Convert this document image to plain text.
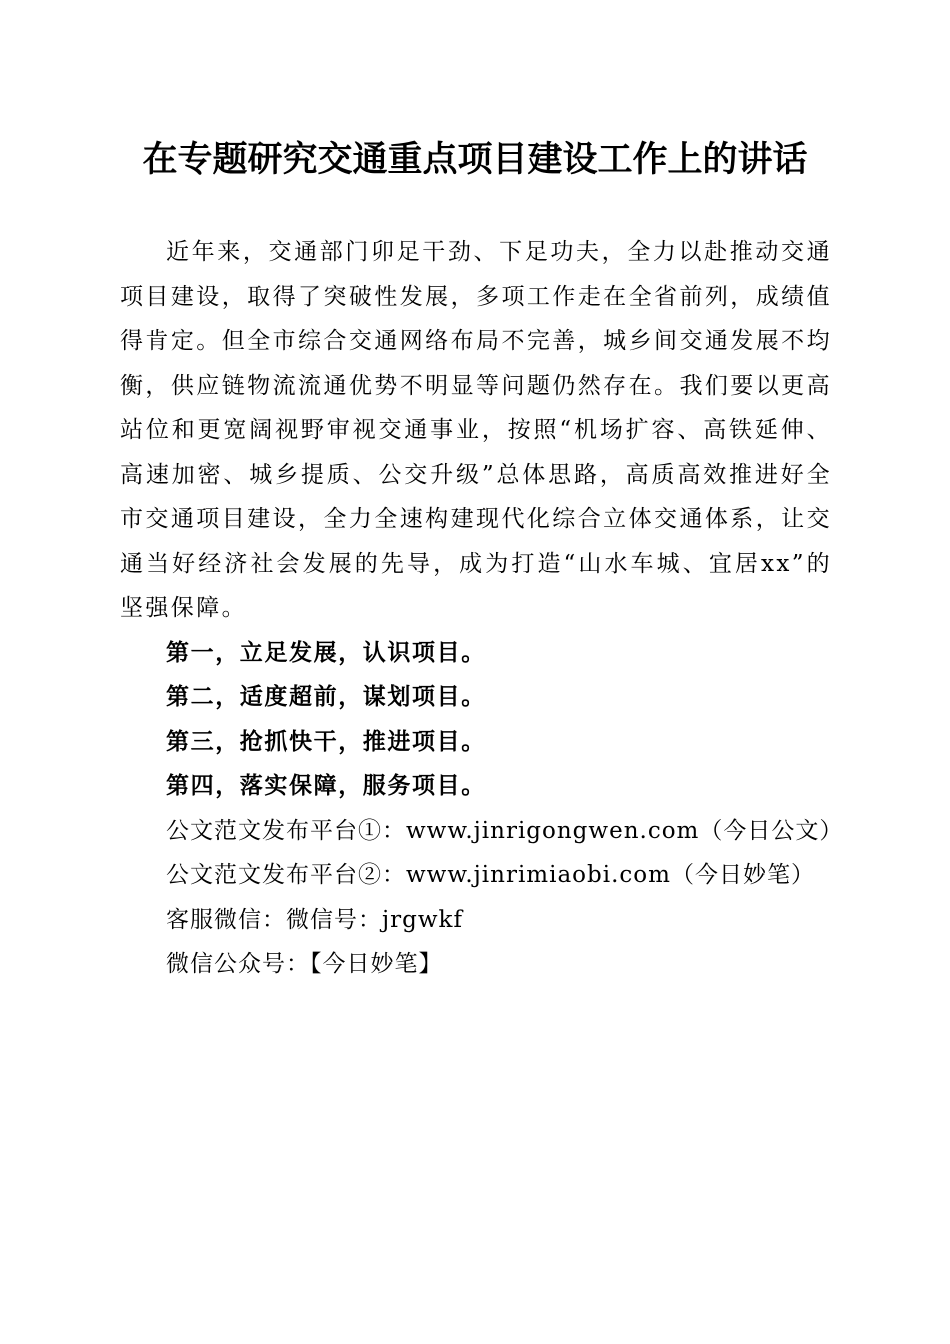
在专题研究交通重点项目建设工作上的讲话

近年来，交通部门卯足干劲、下足功夫，全力以赴推动交通项目建设，取得了突破性发展，多项工作走在全省前列，成绩值得肯定。但全市综合交通网络布局不完善，城乡间交通发展不均衡，供应链物流流通优势不明显等问题仍然存在。我们要以更高站位和更宽阔视野审视交通事业，按照“机场扩容、高铁延伸、高速加密、城乡提质、公交升级”总体思路，高质高效推进好全市交通项目建设，全力全速构建现代化综合立体交通体系，让交通当好经济社会发展的先导，成为打造“山水车城、宜居xx”的坚强保障。

第一，立足发展，认识项目。

第二，适度超前，谋划项目。

第三，抢抓快干，推进项目。

第四，落实保障，服务项目。

公文范文发布平台①：www.jinrigongwen.com（今日公文）

公文范文发布平台②：www.jinrimiaobi.com（今日妙笔）

客服微信：微信号：jrgwkf

微信公众号：【今日妙笔】
